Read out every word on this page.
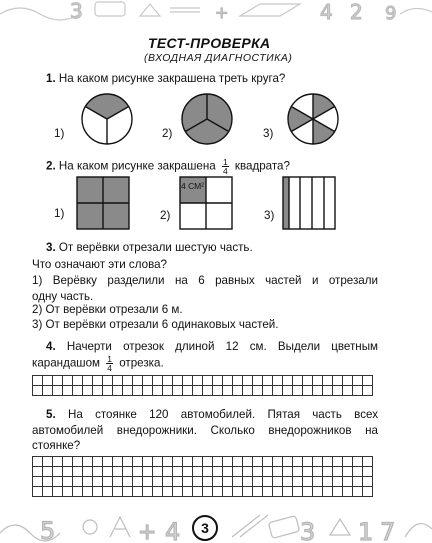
3	+	4 2 9
ТЕСТ-ПРОВЕРКА
(ВХОДНАЯ ДИАГНОСТИКА)
1. На каком рисунке закрашена треть круга?
1)	2)	3)
2. На каком рисунке закрашена $\frac{1}{4}$ квадрата?
1)	2)	3)
4 СМ²
3. От верёвки отрезали шестую часть.
Что означают эти слова?
1) Верёвку разделили на 6 равных частей и отрезали
одну часть.
2) От верёвки отрезали 6 м.
3) От верёвки отрезали 6 одинаковых частей.
4. Начерти отрезок длиной 12 см. Выдели цветным
карандашом $\frac{1}{4}$ отрезка.

5. На стоянке 120 автомобилей. Пятая часть всех
автомобилей внедорожники. Сколько внедорожников на
стоянке?

5	+ 4	3 1 7
3
